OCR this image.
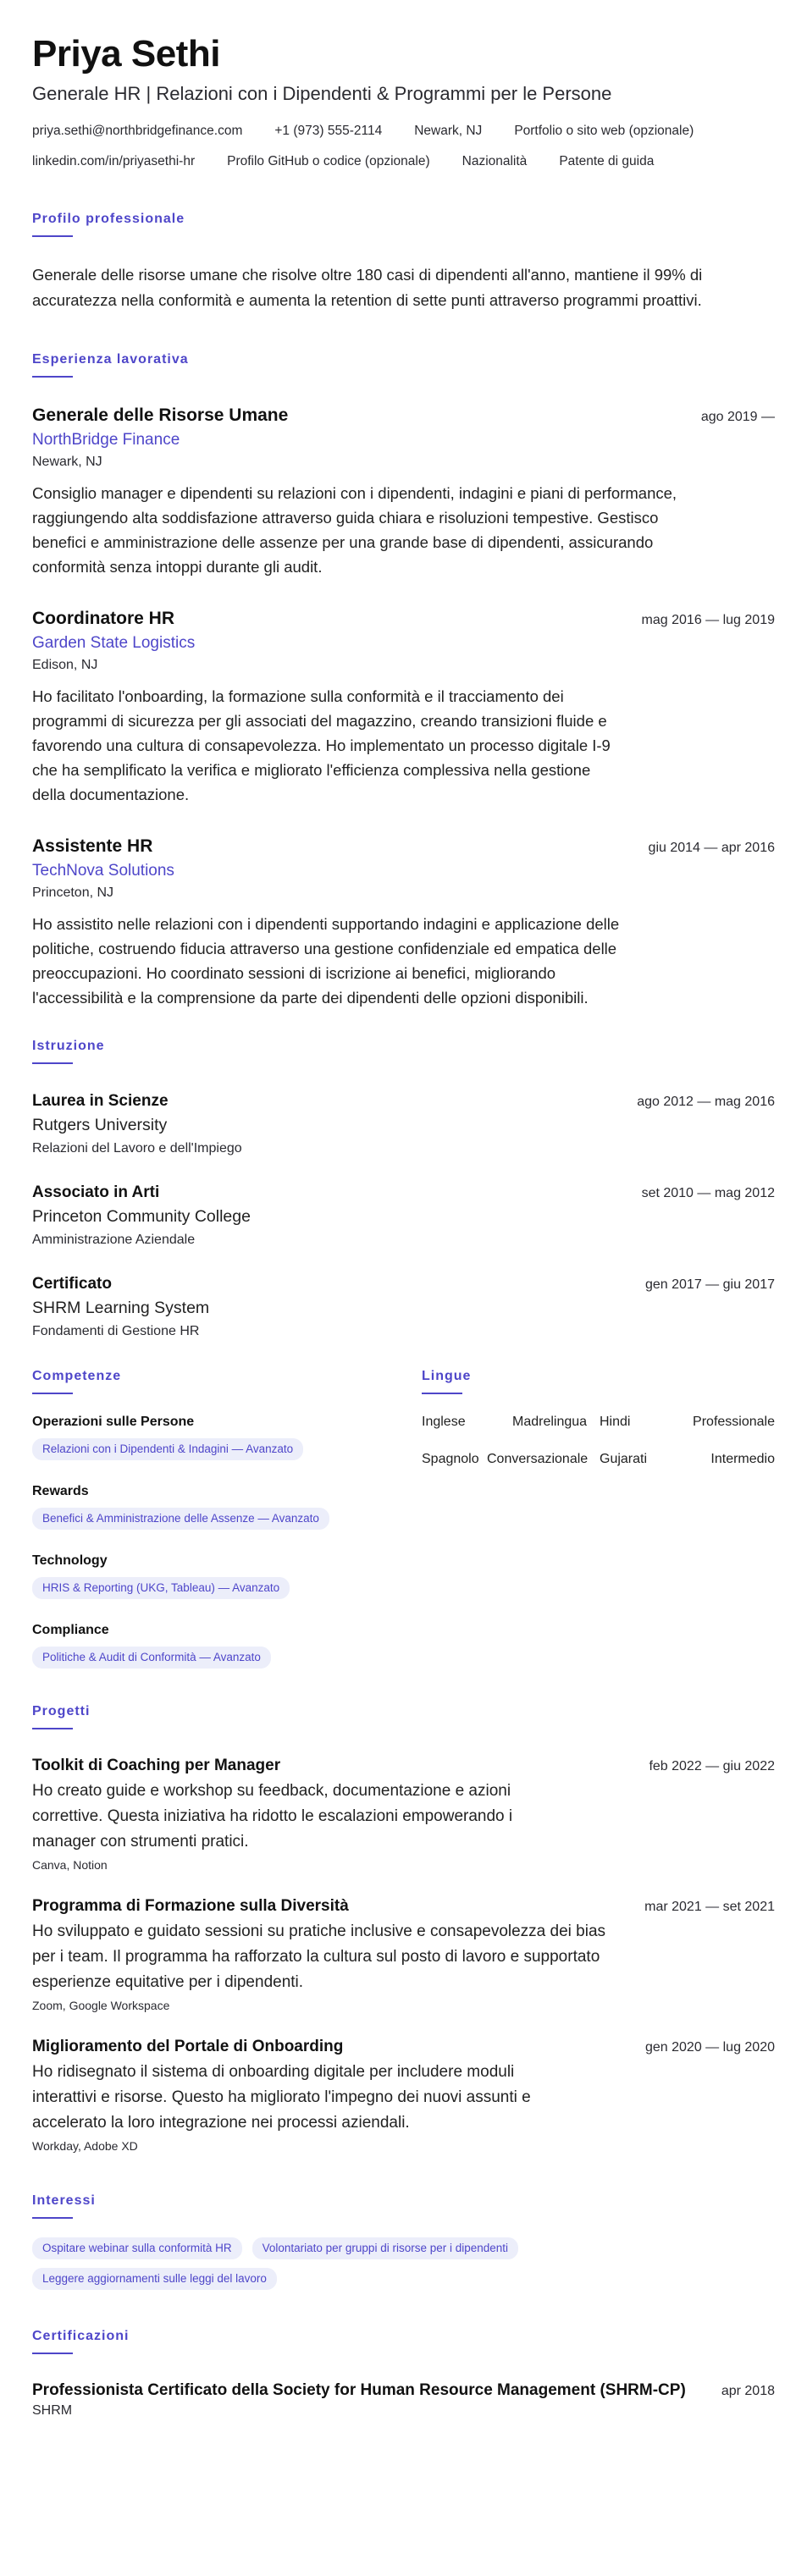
Priya Sethi
Generale HR | Relazioni con i Dipendenti & Programmi per le Persone
priya.sethi@northbridgefinance.com +1 (973) 555-2114 Newark, NJ Portfolio o sito web (opzionale)
linkedin.com/in/priyasethi-hr Profilo GitHub o codice (opzionale) Nazionalità Patente di guida
Profilo professionale

Generale delle risorse umane che risolve oltre 180 casi di dipendenti all'anno, mantiene il 99% di accuratezza nella conformità e aumenta la retention di sette punti attraverso programmi proattivi.

Esperienza lavorativa
Generale delle Risorse Umane	ago 2019 —
NorthBridge Finance
Newark, NJ

Consiglio manager e dipendenti su relazioni con i dipendenti, indagini e piani di performance, raggiungendo alta soddisfazione attraverso guida chiara e risoluzioni tempestive. Gestisco benefici e amministrazione delle assenze per una grande base di dipendenti, assicurando conformità senza intoppi durante gli audit.

Coordinatore HR	mag 2016 — lug 2019
Garden State Logistics
Edison, NJ

Ho facilitato l'onboarding, la formazione sulla conformità e il tracciamento dei programmi di sicurezza per gli associati del magazzino, creando transizioni fluide e favorendo una cultura di consapevolezza. Ho implementato un processo digitale I-9 che ha semplificato la verifica e migliorato l'efficienza complessiva nella gestione della documentazione.

Assistente HR	giu 2014 — apr 2016
TechNova Solutions
Princeton, NJ

Ho assistito nelle relazioni con i dipendenti supportando indagini e applicazione delle politiche, costruendo fiducia attraverso una gestione confidenziale ed empatica delle preoccupazioni. Ho coordinato sessioni di iscrizione ai benefici, migliorando l'accessibilità e la comprensione da parte dei dipendenti delle opzioni disponibili.

Istruzione
Laurea in Scienze	ago 2012 — mag 2016
Rutgers University
Relazioni del Lavoro e dell'Impiego
Associato in Arti	set 2010 — mag 2012
Princeton Community College
Amministrazione Aziendale
Certificato	gen 2017 — giu 2017
SHRM Learning System
Fondamenti di Gestione HR
Competenze
Operazioni sulle Persone
Relazioni con i Dipendenti & Indagini — Avanzato
Rewards
Benefici & Amministrazione delle Assenze — Avanzato
Technology
HRIS & Reporting (UKG, Tableau) — Avanzato
Compliance
Politiche & Audit di Conformità — Avanzato
Lingue
Inglese	Madrelingua Hindi	Professionale
Spagnolo Conversazionale Gujarati	Intermedio
Progetti
Toolkit di Coaching per Manager	feb 2022 — giu 2022

Ho creato guide e workshop su feedback, documentazione e azioni correttive. Questa iniziativa ha ridotto le escalazioni empowerando i manager con strumenti pratici.

Canva, Notion
Programma di Formazione sulla Diversità	mar 2021 — set 2021

Ho sviluppato e guidato sessioni su pratiche inclusive e consapevolezza dei bias per i team. Il programma ha rafforzato la cultura sul posto di lavoro e supportato esperienze equitative per i dipendenti.

Zoom, Google Workspace
Miglioramento del Portale di Onboarding	gen 2020 — lug 2020

Ho ridisegnato il sistema di onboarding digitale per includere moduli interattivi e risorse. Questo ha migliorato l'impegno dei nuovi assunti e accelerato la loro integrazione nei processi aziendali.

Workday, Adobe XD
Interessi
Ospitare webinar sulla conformità HR	Volontariato per gruppi di risorse per i dipendenti
Leggere aggiornamenti sulle leggi del lavoro
Certificazioni
Professionista Certificato della Society for Human Resource Management (SHRM-CP)	apr 2018
SHRM
